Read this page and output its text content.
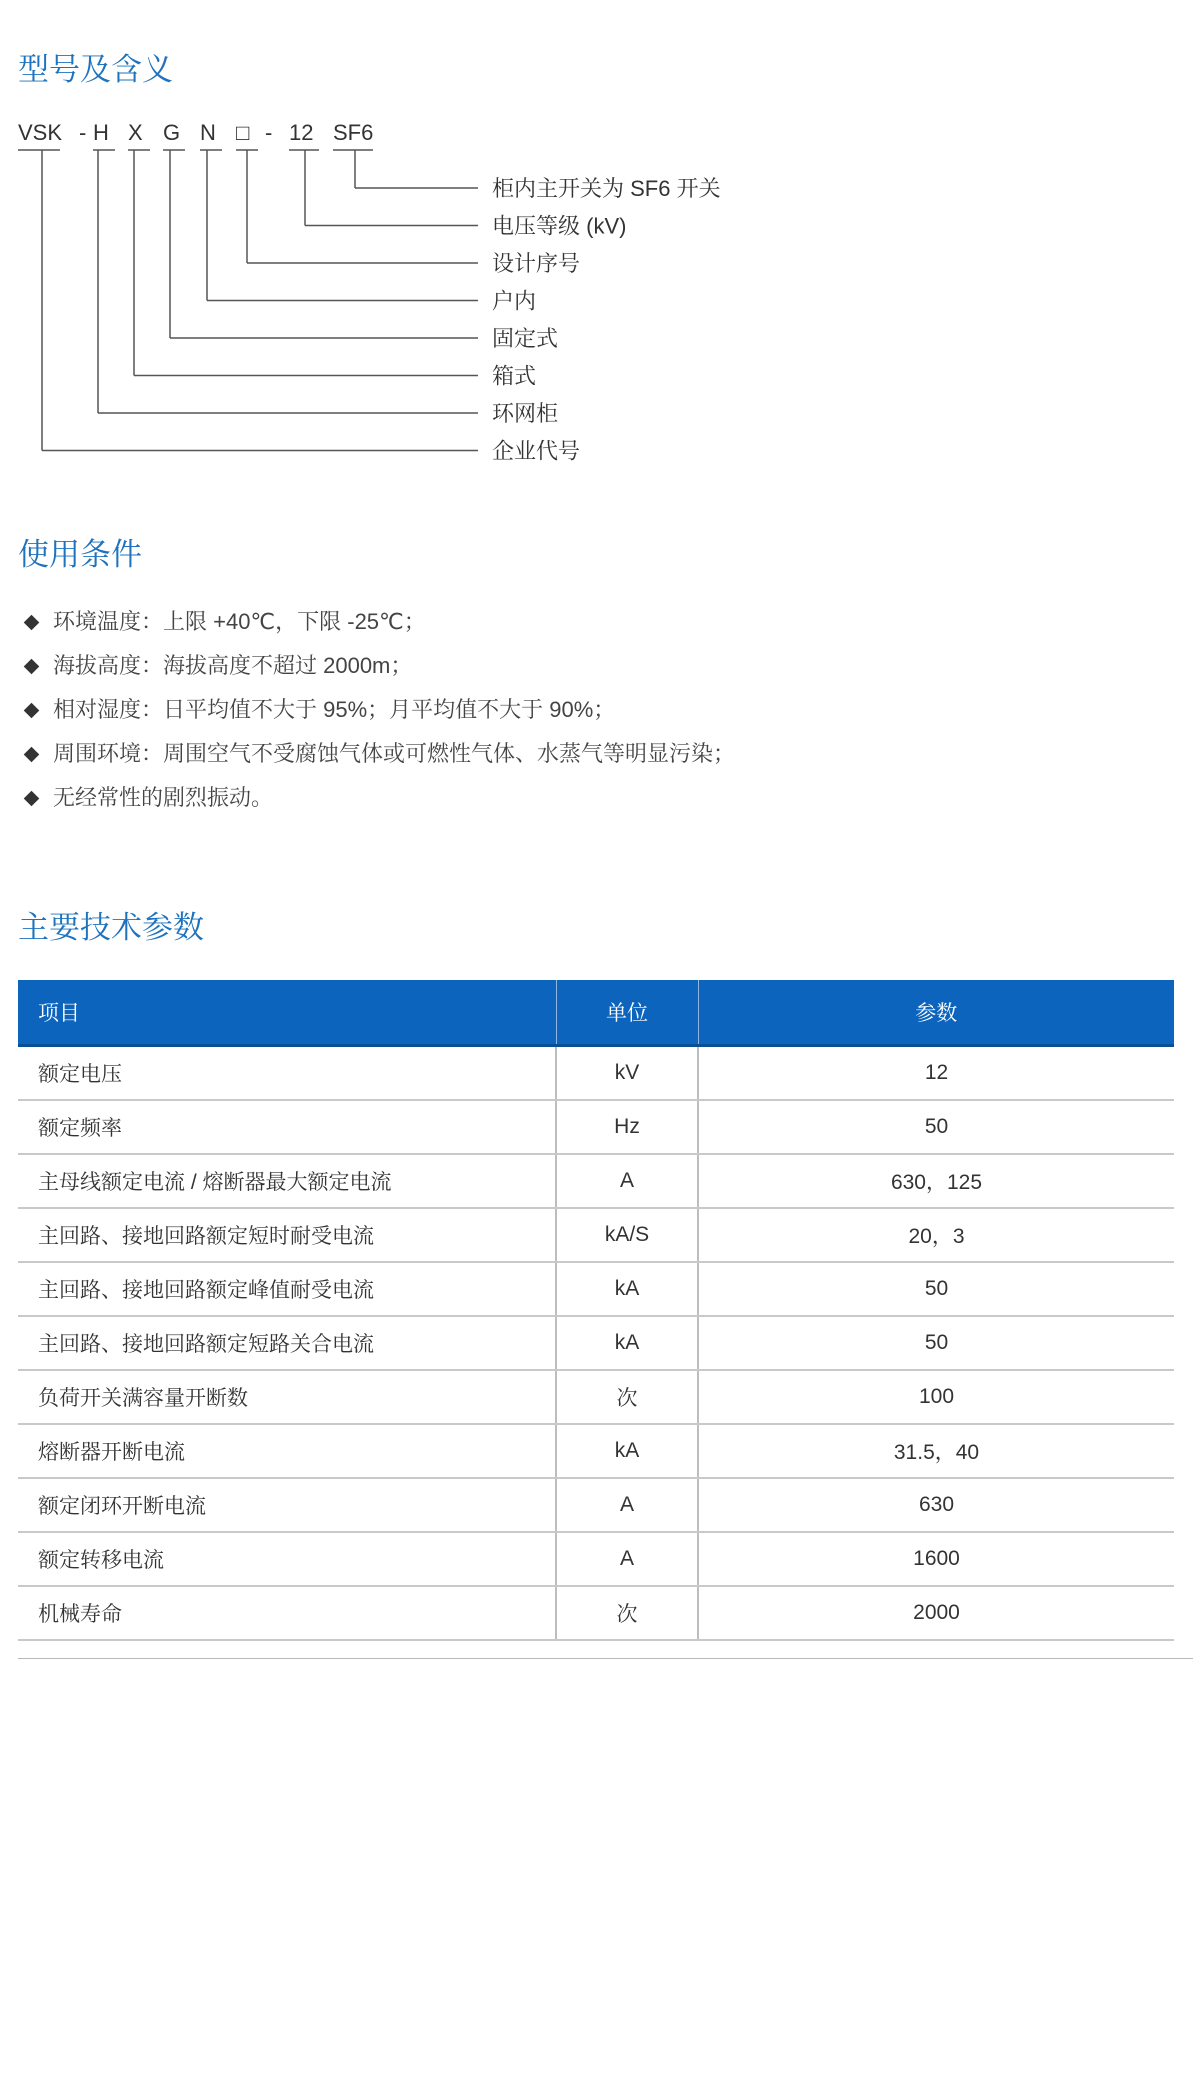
型号及含义
VSK - H X G N □ - 12 SF6
柜内主开关为 SF6 开关
电压等级 (kV)
设计序号
户内
固定式
箱式
环网柜
企业代号
使用条件
环境温度：上限 +40℃，下限 -25℃；
海拔高度：海拔高度不超过 2000m；
相对湿度：日平均值不大于 95%；月平均值不大于 90%；
周围环境：周围空气不受腐蚀气体或可燃性气体、水蒸气等明显污染；
无经常性的剧烈振动。
主要技术参数
项目	单位	参数
额定电压	kV	12
额定频率	Hz	50
主母线额定电流 / 熔断器最大额定电流	A	630，125
主回路、接地回路额定短时耐受电流	kA/S	20，3
主回路、接地回路额定峰值耐受电流	kA	50
主回路、接地回路额定短路关合电流	kA	50
负荷开关满容量开断数	次	100
熔断器开断电流	kA	31.5，40
额定闭环开断电流	A	630
额定转移电流	A	1600
机械寿命	次	2000
